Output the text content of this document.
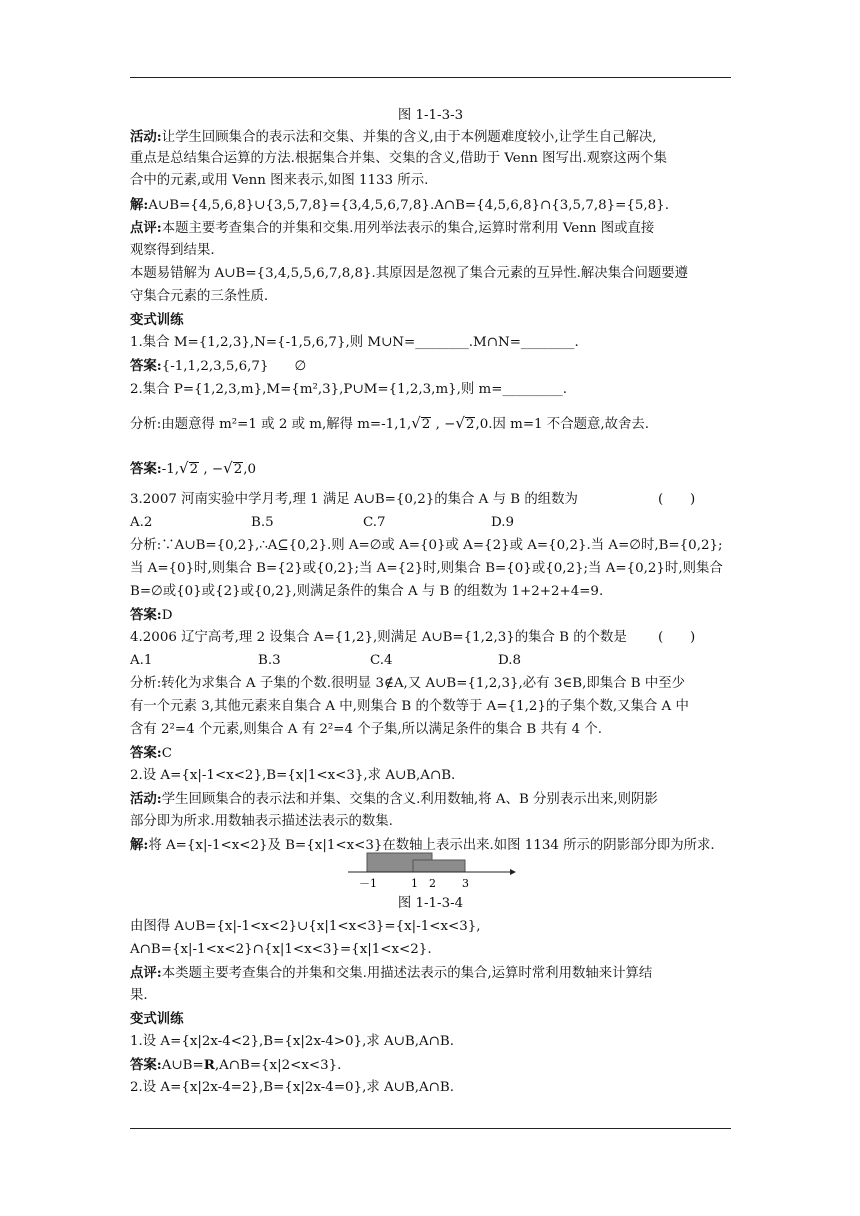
图 1-1-3-3
活动:让学生回顾集合的表示法和交集、并集的含义,由于本例题难度较小,让学生自己解决,
重点是总结集合运算的方法.根据集合并集、交集的含义,借助于 Venn 图写出.观察这两个集
合中的元素,或用 Venn 图来表示,如图 1133 所示.
解:A∪B={4,5,6,8}∪{3,5,7,8}={3,4,5,6,7,8}.A∩B={4,5,6,8}∩{3,5,7,8}={5,8}.
点评:本题主要考查集合的并集和交集.用列举法表示的集合,运算时常利用 Venn 图或直接
观察得到结果.
本题易错解为 A∪B={3,4,5,5,6,7,8,8}.其原因是忽视了集合元素的互异性.解决集合问题要遵
守集合元素的三条性质.
变式训练
1.集合 M={1,2,3},N={-1,5,6,7},则 M∪N=________.M∩N=________.
答案:{-1,1,2,3,5,6,7} ∅
2.集合 P={1,2,3,m},M={m²,3},P∪M={1,2,3,m},则 m=_________.
分析:由题意得 m²=1 或 2 或 m,解得 m=-1,1,√2 , −√2,0.因 m=1 不合题意,故舍去.
答案:-1,√2 , −√2,0
3.2007 河南实验中学月考,理 1 满足 A∪B={0,2}的集合 A 与 B 的组数为	(　　)
A.2	B.5	C.7	D.9
分析:∵A∪B={0,2},∴A⊆{0,2}.则 A=∅或 A={0}或 A={2}或 A={0,2}.当 A=∅时,B={0,2};
当 A={0}时,则集合 B={2}或{0,2};当 A={2}时,则集合 B={0}或{0,2};当 A={0,2}时,则集合
B=∅或{0}或{2}或{0,2},则满足条件的集合 A 与 B 的组数为 1+2+2+4=9.
答案:D
4.2006 辽宁高考,理 2 设集合 A={1,2},则满足 A∪B={1,2,3}的集合 B 的个数是 (　　)
A.1	B.3	C.4	D.8
分析:转化为求集合 A 子集的个数.很明显 3∉A,又 A∪B={1,2,3},必有 3∈B,即集合 B 中至少
有一个元素 3,其他元素来自集合 A 中,则集合 B 的个数等于 A={1,2}的子集个数,又集合 A 中
含有 2²=4 个元素,则集合 A 有 2²=4 个子集,所以满足条件的集合 B 共有 4 个.
答案:C
2.设 A={x|-1<x<2},B={x|1<x<3},求 A∪B,A∩B.
活动:学生回顾集合的表示法和并集、交集的含义.利用数轴,将 A、B 分别表示出来,则阴影
部分即为所求.用数轴表示描述法表示的数集.
解:将 A={x|-1<x<2}及 B={x|1<x<3}在数轴上表示出来.如图 1134 所示的阴影部分即为所求.
－1	1 2 3
图 1-1-3-4
由图得 A∪B={x|-1<x<2}∪{x|1<x<3}={x|-1<x<3},
A∩B={x|-1<x<2}∩{x|1<x<3}={x|1<x<2}.
点评:本类题主要考查集合的并集和交集.用描述法表示的集合,运算时常利用数轴来计算结
果.
变式训练
1.设 A={x|2x-4<2},B={x|2x-4>0},求 A∪B,A∩B.
答案:A∪B=R,A∩B={x|2<x<3}.
2.设 A={x|2x-4=2},B={x|2x-4=0},求 A∪B,A∩B.
